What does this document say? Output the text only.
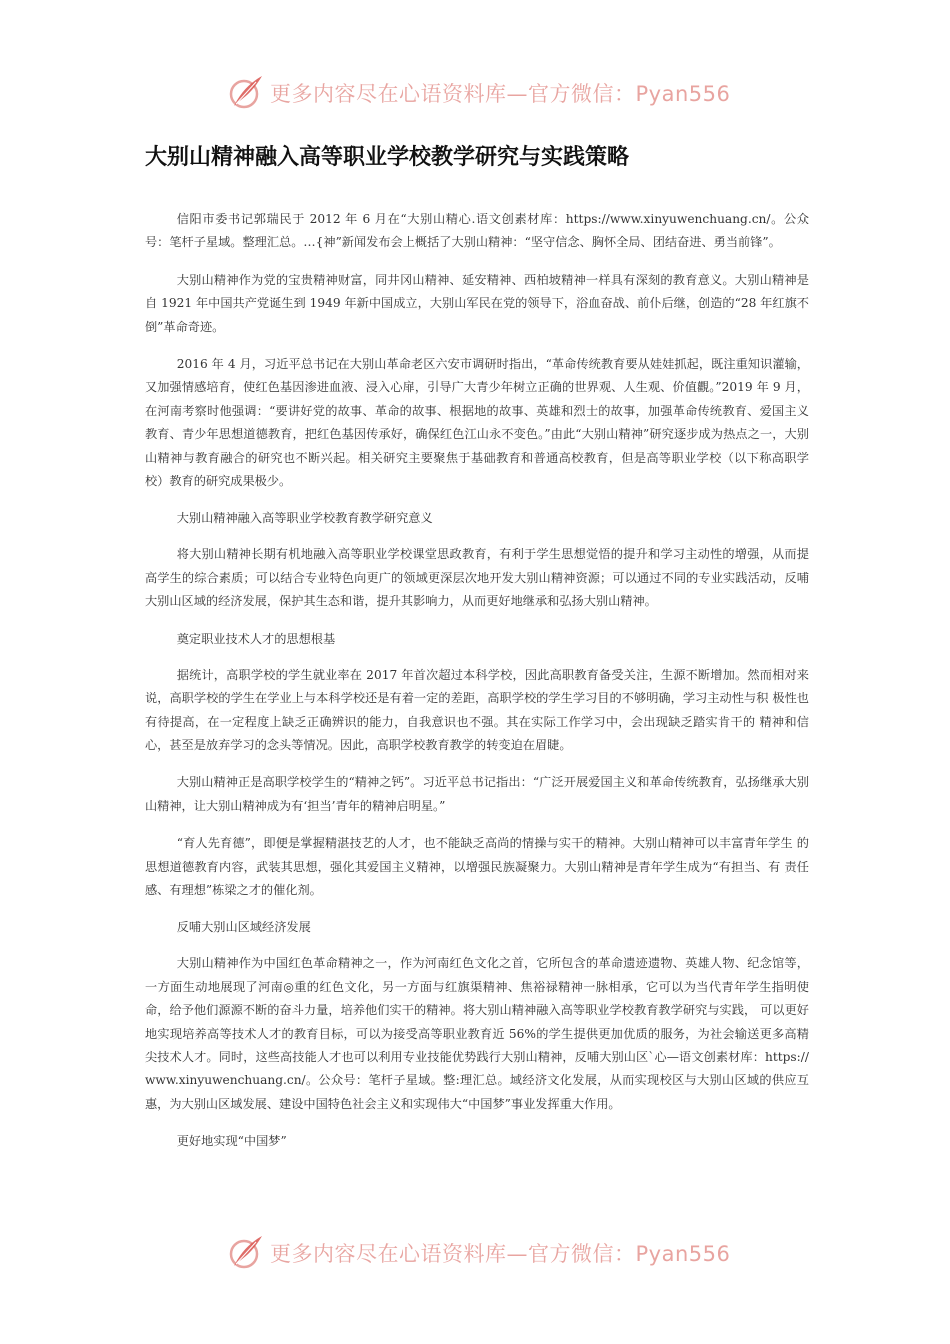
更多内容尽在心语资料库—官方微信：Pyan556
大别山精神融入高等职业学校教学研究与实践策略

信阳市委书记郭瑞民于 2012 年 6 月在“大别山精心.语文创素材库：https://www.xinyuwenchuang.cn/。公众号：笔杆子星域。整理汇总。…{神”新闻发布会上概括了大别山精神：“坚守信念、胸怀全局、团结奋进、勇当前锋”。

大别山精神作为党的宝贵精神财富，同井冈山精神、延安精神、西柏坡精神一样具有深刻的教育意义。大别山精神是自 1921 年中国共产党诞生到 1949 年新中国成立，大别山军民在党的领导下，浴血奋战、前仆后继，创造的“28 年红旗不倒”革命奇迹。

2016 年 4 月，习近平总书记在大别山革命老区六安市调研时指出，“革命传统教育要从娃娃抓起，既注重知识灌输，又加强情感培育，使红色基因渗进血液、浸入心扉，引导广大青少年树立正确的世界观、人生观、价值觀。”2019 年 9 月，在河南考察时他强调：“要讲好党的故事、革命的故事、根据地的故事、英雄和烈士的故事，加强革命传统教育、爱国主义教育、青少年思想道德教育，把红色基因传承好，确保红色江山永不变色。”由此“大别山精神”研究逐步成为热点之一，大别山精神与教育融合的研究也不断兴起。相关研究主要聚焦于基础教育和普通高校教育，但是高等职业学校（以下称高职学校）教育的研究成果极少。

大别山精神融入高等职业学校教育教学研究意义

将大别山精神长期有机地融入高等职业学校课堂思政教育，有利于学生思想觉悟的提升和学习主动性的增强，从而提高学生的综合素质；可以结合专业特色向更广的领域更深层次地开发大别山精神资源；可以通过不同的专业实践活动，反哺大别山区域的经济发展，保护其生态和谐，提升其影响力，从而更好地继承和弘扬大别山精神。

奠定职业技术人才的思想根基

据统计，高职学校的学生就业率在 2017 年首次超过本科学校，因此高职教育备受关注，生源不断增加。然而相对来说，高职学校的学生在学业上与本科学校还是有着一定的差距，高职学校的学生学习目的不够明确，学习主动性与积 极性也有待提高，在一定程度上缺乏正确辨识的能力，自我意识也不强。其在实际工作学习中，会出现缺乏踏实肯干的 精神和信心，甚至是放弃学习的念头等情况。因此，高职学校教育教学的转变迫在眉睫。

大别山精神正是高职学校学生的“精神之钙”。习近平总书记指出：“广泛开展爱国主义和革命传统教育，弘扬继承大别山精神，让大别山精神成为有‘担当’青年的精神启明星。”

“育人先育德”，即便是掌握精湛技艺的人才，也不能缺乏高尚的情操与实干的精神。大别山精神可以丰富青年学生 的思想道德教育内容，武装其思想，强化其爱国主义精神，以增强民族凝聚力。大别山精神是青年学生成为“有担当、有 责任感、有理想”栋梁之才的催化剂。

反哺大别山区域经济发展

大别山精神作为中国红色革命精神之一，作为河南红色文化之首，它所包含的革命遗迹遗物、英雄人物、纪念馆等，一方面生动地展现了河南◎重的红色文化，另一方面与红旗渠精神、焦裕禄精神一脉相承，它可以为当代青年学生指明使命，给予他们源源不断的奋斗力量，培养他们实干的精神。将大别山精神融入高等职业学校教育教学研究与实践， 可以更好地实现培养高等技术人才的教育目标，可以为接受高等职业教育近 56%的学生提供更加优质的服务，为社会输送更多高精尖技术人才。同时，这些高技能人才也可以利用专业技能优势践行大别山精神，反哺大别山区`心—语文创素材库：https://www.xinyuwenchuang.cn/。公众号：笔杆子星域。整:理汇总。域经济文化发展，从而实现校区与大别山区域的供应互惠，为大别山区域发展、建设中国特色社会主义和实现伟大“中国梦”事业发挥重大作用。

更好地实现“中国梦”

更多内容尽在心语资料库—官方微信：Pyan556
